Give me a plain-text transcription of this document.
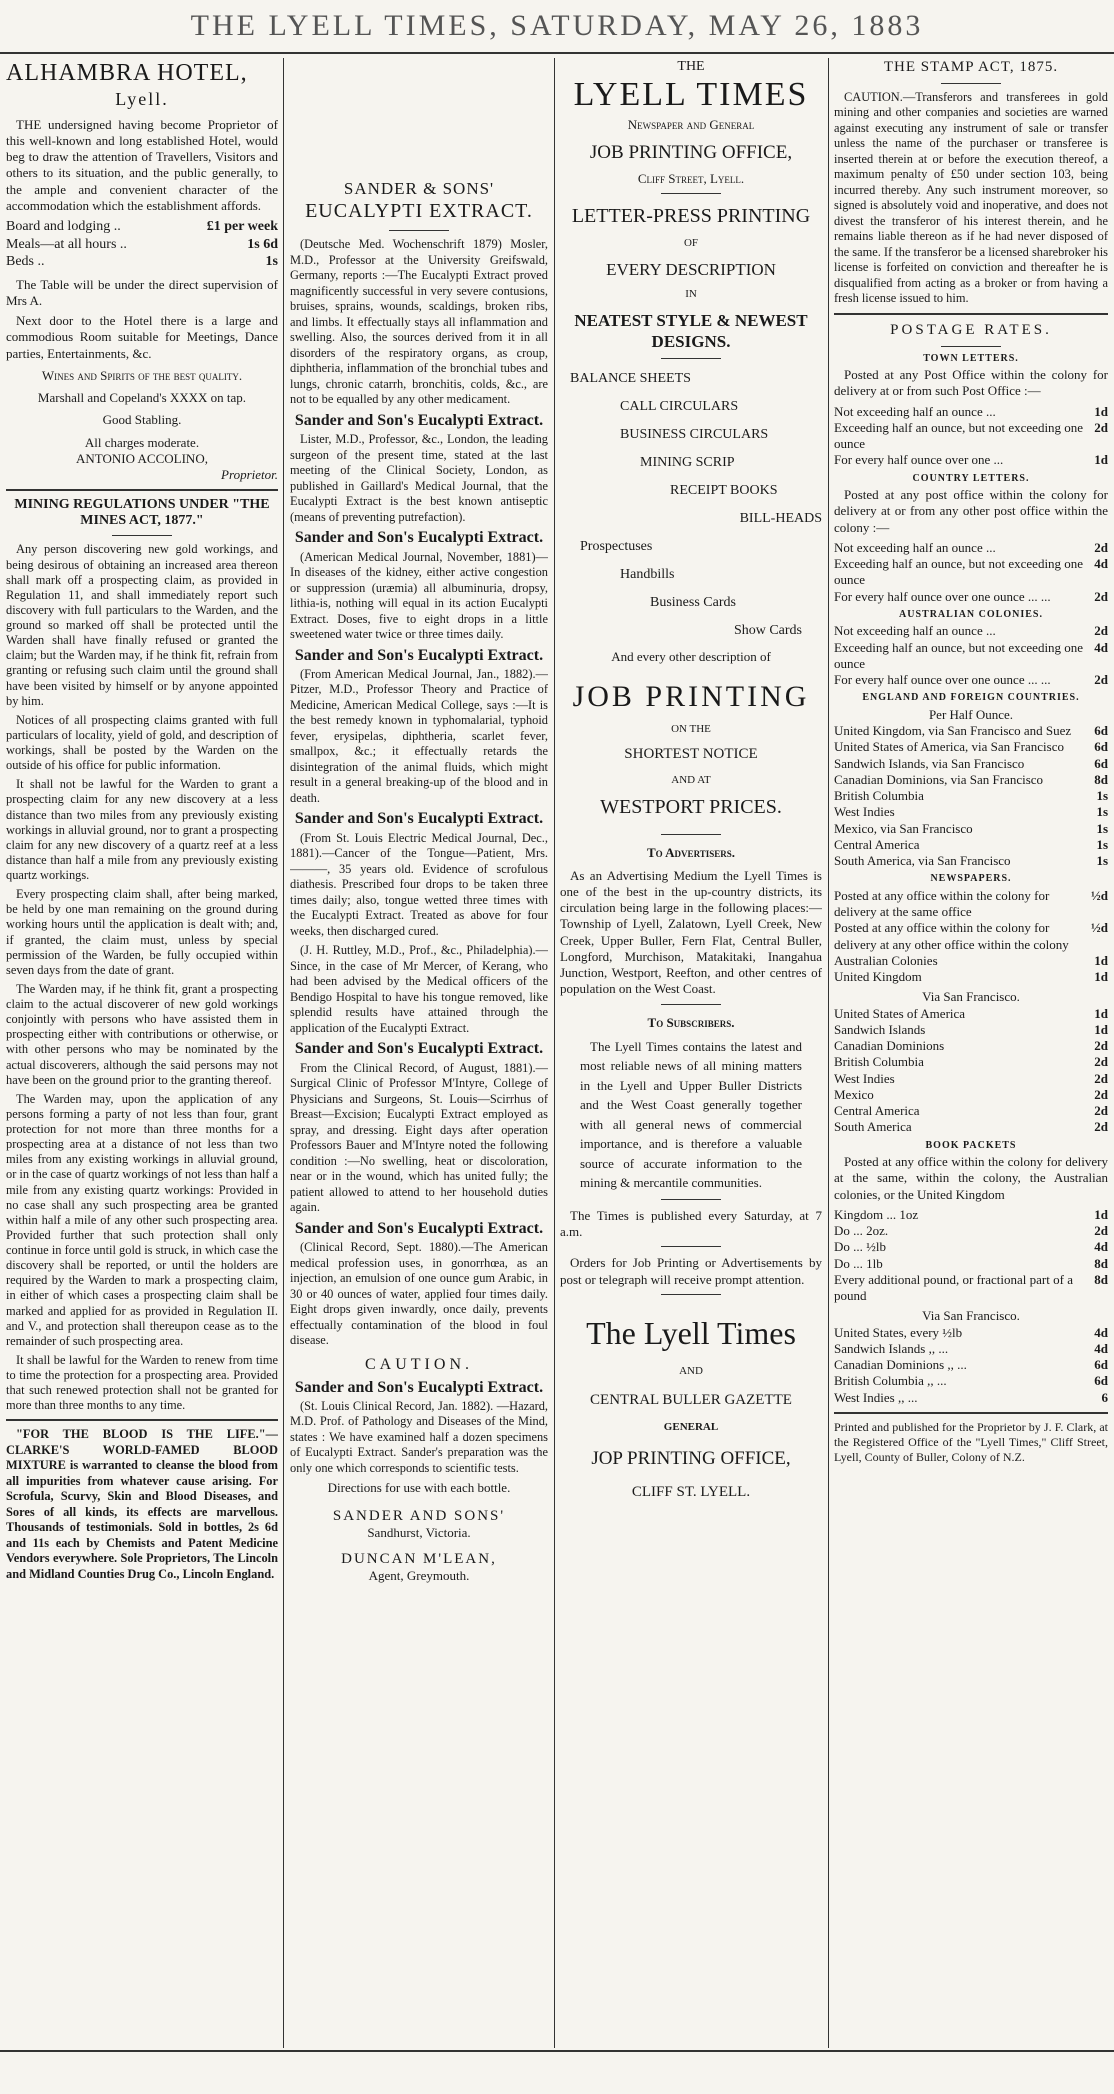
THE LYELL TIMES, SATURDAY, MAY 26, 1883
ALHAMBRA HOTEL,
Lyell.

THE undersigned having become Proprietor of this well-known and long established Hotel, would beg to draw the attention of Travellers, Visitors and others to its situation, and the public generally, to the ample and convenient character of the accommodation which the establishment affords.

Board and lodging ..	£1 per week
Meals—at all hours ..	1s 6d
Beds ..	1s

The Table will be under the direct supervision of Mrs A.

Next door to the Hotel there is a large and commodious Room suitable for Meetings, Dance parties, Entertainments, &c.

Wines and Spirits of the best quality.
Marshall and Copeland's XXXX on tap.
Good Stabling.
All charges moderate.
ANTONIO ACCOLINO,
Proprietor.
MINING REGULATIONS UNDER "THE MINES ACT, 1877."

Any person discovering new gold workings, and being desirous of obtaining an increased area thereon shall mark off a prospecting claim, as provided in Regulation 11, and shall immediately report such discovery with full particulars to the Warden, and the ground so marked off shall be protected until the Warden shall have finally refused or granted the claim; but the Warden may, if he think fit, refrain from granting or refusing such claim until the ground shall have been visited by himself or by anyone appointed by him.

Notices of all prospecting claims granted with full particulars of locality, yield of gold, and description of workings, shall be posted by the Warden on the outside of his office for public information.

It shall not be lawful for the Warden to grant a prospecting claim for any new discovery at a less distance than two miles from any previously existing workings in alluvial ground, nor to grant a prospecting claim for any new discovery of a quartz reef at a less distance than half a mile from any previously existing quartz workings.

Every prospecting claim shall, after being marked, be held by one man remaining on the ground during working hours until the application is dealt with; and, if granted, the claim must, unless by special permission of the Warden, be fully occupied within seven days from the date of grant.

The Warden may, if he think fit, grant a prospecting claim to the actual discoverer of new gold workings conjointly with persons who have assisted them in prospecting either with contributions or otherwise, or with other persons who may be nominated by the actual discoverers, although the said persons may not have been on the ground prior to the granting thereof.

The Warden may, upon the application of any persons forming a party of not less than four, grant protection for not more than three months for a prospecting area at a distance of not less than two miles from any existing workings in alluvial ground, or in the case of quartz workings of not less than half a mile from any existing quartz workings: Provided in no case shall any such prospecting area be granted within half a mile of any other such prospecting area. Provided further that such protection shall only continue in force until gold is struck, in which case the discovery shall be reported, or until the holders are required by the Warden to mark a prospecting claim, in either of which cases a prospecting claim shall be marked and applied for as provided in Regulation II. and V., and protection shall thereupon cease as to the remainder of such prospecting area.

It shall be lawful for the Warden to renew from time to time the protection for a prospecting area. Provided that such renewed protection shall not be granted for more than three months to any time.

"FOR THE BLOOD IS THE LIFE."—CLARKE'S WORLD-FAMED BLOOD MIXTURE is warranted to cleanse the blood from all impurities from whatever cause arising. For Scrofula, Scurvy, Skin and Blood Diseases, and Sores of all kinds, its effects are marvellous. Thousands of testimonials. Sold in bottles, 2s 6d and 11s each by Chemists and Patent Medicine Vendors everywhere. Sole Proprietors, The Lincoln and Midland Counties Drug Co., Lincoln England.

SANDER & SONS'
EUCALYPTI EXTRACT.

(Deutsche Med. Wochenschrift 1879) Mosler, M.D., Professor at the University Greifswald, Germany, reports :—The Eucalypti Extract proved magnificently successful in very severe contusions, bruises, sprains, wounds, scaldings, broken ribs, and limbs. It effectually stays all inflammation and swelling. Also, the sources derived from it in all disorders of the respiratory organs, as croup, diphtheria, inflammation of the bronchial tubes and lungs, chronic catarrh, bronchitis, colds, &c., are not to be equalled by any other medicament.

Sander and Son's Eucalypti Extract.

Lister, M.D., Professor, &c., London, the leading surgeon of the present time, stated at the last meeting of the Clinical Society, London, as published in Gaillard's Medical Journal, that the Eucalypti Extract is the best known antiseptic (means of preventing putrefaction).

Sander and Son's Eucalypti Extract.

(American Medical Journal, November, 1881)—In diseases of the kidney, either active congestion or suppression (uræmia) all albuminuria, dropsy, lithia-is, nothing will equal in its action Eucalypti Extract. Doses, five to eight drops in a little sweetened water twice or three times daily.

Sander and Son's Eucalypti Extract.

(From American Medical Journal, Jan., 1882).—Pitzer, M.D., Professor Theory and Practice of Medicine, American Medical College, says :—It is the best remedy known in typhomalarial, typhoid fever, erysipelas, diphtheria, scarlet fever, smallpox, &c.; it effectually retards the disintegration of the animal fluids, which might result in a general breaking-up of the blood and in death.

Sander and Son's Eucalypti Extract.

(From St. Louis Electric Medical Journal, Dec., 1881).—Cancer of the Tongue—Patient, Mrs. ———, 35 years old. Evidence of scrofulous diathesis. Prescribed four drops to be taken three times daily; also, tongue wetted three times with the Eucalypti Extract. Treated as above for four weeks, then discharged cured.

(J. H. Ruttley, M.D., Prof., &c., Philadelphia).—Since, in the case of Mr Mercer, of Kerang, who had been advised by the Medical officers of the Bendigo Hospital to have his tongue removed, like splendid results have attained through the application of the Eucalypti Extract.

Sander and Son's Eucalypti Extract.

From the Clinical Record, of August, 1881).—Surgical Clinic of Professor M'Intyre, College of Physicians and Surgeons, St. Louis—Scirrhus of Breast—Excision; Eucalypti Extract employed as spray, and dressing. Eight days after operation Professors Bauer and M'Intyre noted the following condition :—No swelling, heat or discoloration, near or in the wound, which has united fully; the patient allowed to attend to her household duties again.

Sander and Son's Eucalypti Extract.

(Clinical Record, Sept. 1880).—The American medical profession uses, in gonorrhœa, as an injection, an emulsion of one ounce gum Arabic, in 30 or 40 ounces of water, applied four times daily. Eight drops given inwardly, once daily, prevents effectually contamination of the blood in foul disease.

CAUTION.
Sander and Son's Eucalypti Extract.

(St. Louis Clinical Record, Jan. 1882). —Hazard, M.D. Prof. of Pathology and Diseases of the Mind, states : We have examined half a dozen specimens of Eucalypti Extract. Sander's preparation was the only one which corresponds to scientific tests.

Directions for use with each bottle.
SANDER AND SONS'
Sandhurst, Victoria.
DUNCAN M'LEAN,
Agent, Greymouth.
THE
LYELL TIMES
Newspaper and General
JOB PRINTING OFFICE,
Cliff Street, Lyell.
LETTER-PRESS PRINTING
OF
EVERY DESCRIPTION
IN
NEATEST STYLE & NEWEST
DESIGNS.
BALANCE SHEETS
CALL CIRCULARS
BUSINESS CIRCULARS
MINING SCRIP
RECEIPT BOOKS
BILL-HEADS
Prospectuses
Handbills
Business Cards
Show Cards
And every other description of
JOB PRINTING
ON THE
SHORTEST NOTICE
AND AT
WESTPORT PRICES.
To Advertisers.

As an Advertising Medium the Lyell Times is one of the best in the up-country districts, its circulation being large in the following places:—Township of Lyell, Zalatown, Lyell Creek, New Creek, Upper Buller, Fern Flat, Central Buller, Longford, Murchison, Matakitaki, Inangahua Junction, Westport, Reefton, and other centres of population on the West Coast.

To Subscribers.

The Lyell Times contains the latest and most reliable news of all mining matters in the Lyell and Upper Buller Districts and the West Coast generally together with all general news of commercial importance, and is therefore a valuable source of accurate information to the mining & mercantile communities.

The Times is published every Saturday, at 7 a.m.

Orders for Job Printing or Advertisements by post or telegraph will receive prompt attention.

The Lyell Times
AND
CENTRAL BULLER GAZETTE
GENERAL
JOP PRINTING OFFICE,
CLIFF ST. LYELL.
THE STAMP ACT, 1875.

CAUTION.—Transferors and transferees in gold mining and other companies and societies are warned against executing any instrument of sale or transfer unless the name of the purchaser or transferee is inserted therein at or before the execution thereof, a maximum penalty of £50 under section 103, being incurred thereby. Any such instrument moreover, so signed is absolutely void and inoperative, and does not divest the transferor of his interest therein, and he remains liable thereon as if he had never disposed of the same. If the transferor be a licensed sharebroker his license is forfeited on conviction and thereafter he is disqualified from acting as a broker or from having a fresh license issued to him.

POSTAGE RATES.
TOWN LETTERS.

Posted at any Post Office within the colony for delivery at or from such Post Office :—

Not exceeding half an ounce ...	1d
Exceeding half an ounce, but not exceeding one ounce
2d
For every half ounce over one ...	1d
COUNTRY LETTERS.

Posted at any post office within the colony for delivery at or from any other post office within the colony :—

Not exceeding half an ounce ...	2d
Exceeding half an ounce, but not exceeding one ounce
4d
For every half ounce over one ounce ... ...	2d
AUSTRALIAN COLONIES.
Not exceeding half an ounce ...	2d
Exceeding half an ounce, but not exceeding one ounce
4d
For every half ounce over one ounce ... ...	2d
ENGLAND AND FOREIGN COUNTRIES.
Per Half Ounce.
United Kingdom, via San Francisco and Suez 6d
United States of America, via San Francisco 6d
Sandwich Islands, via San Francisco	6d
Canadian Dominions, via San Francisco	8d
British Columbia	1s
West Indies	1s
Mexico, via San Francisco	1s
Central America	1s
South America, via San Francisco	1s
NEWSPAPERS.
Posted at any office within the colony for delivery at the same office
½d
Posted at any office within the colony for delivery at any other office within the colony
½d
Australian Colonies	1d
United Kingdom	1d
Via San Francisco.
United States of America	1d
Sandwich Islands	1d
Canadian Dominions	2d
British Columbia	2d
West Indies	2d
Mexico	2d
Central America	2d
South America	2d
BOOK PACKETS

Posted at any office within the colony for delivery at the same, within the colony, the Australian colonies, or the United Kingdom

Kingdom ... 1oz	1d
Do ... 2oz.	2d
Do ... ½lb	4d
Do ... 1lb	8d
Every additional pound, or fractional part of a pound
8d
Via San Francisco.
United States, every ½lb	4d
Sandwich Islands ,, ...	4d
Canadian Dominions ,, ...	6d
British Columbia ,, ...	6d
West Indies ,, ...	6

Printed and published for the Proprietor by J. F. Clark, at the Registered Office of the "Lyell Times," Cliff Street, Lyell, County of Buller, Colony of N.Z.
